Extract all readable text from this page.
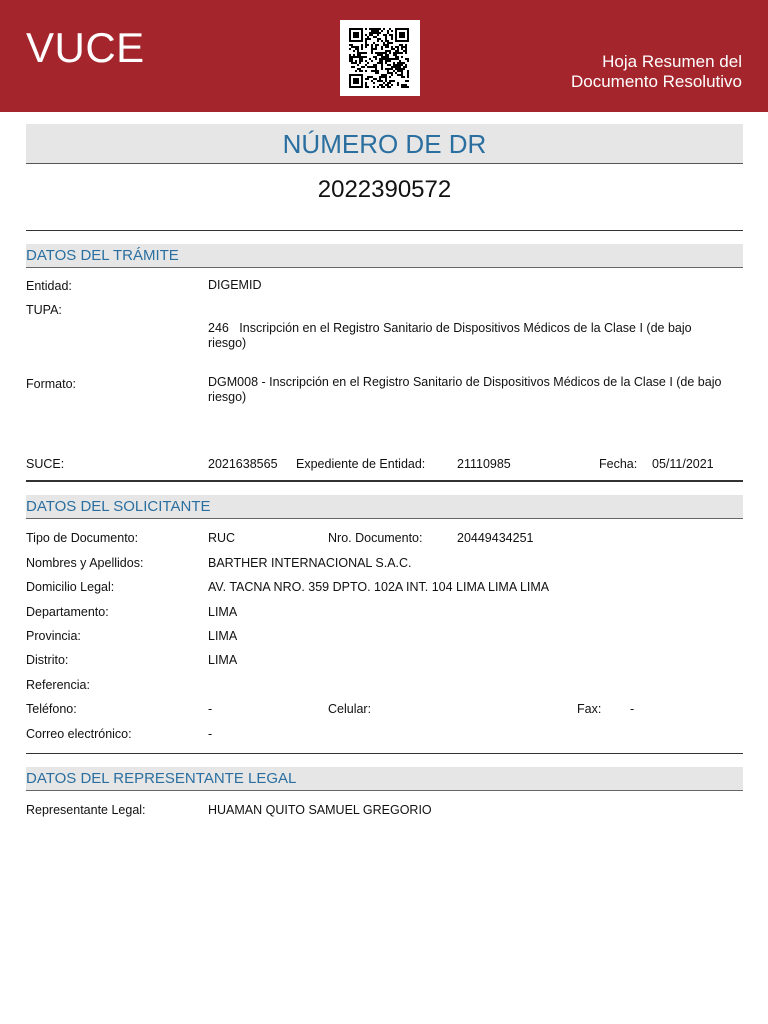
VUCE	Hoja Resumen del
Documento Resolutivo
NÚMERO DE DR
2022390572
DATOS DEL TRÁMITE
Entidad:	DIGEMID
TUPA:
246   Inscripción en el Registro Sanitario de Dispositivos Médicos de la Clase I (de bajo riesgo)
Formato:	DGM008 - Inscripción en el Registro Sanitario de Dispositivos Médicos de la Clase I (de bajo riesgo)
SUCE:	2021638565 Expediente de Entidad:	21110985	Fecha: 05/11/2021
DATOS DEL SOLICITANTE
Tipo de Documento:	RUC	Nro. Documento:	20449434251
Nombres y Apellidos:	BARTHER INTERNACIONAL S.A.C.
Domicilio Legal:	AV. TACNA NRO. 359 DPTO. 102A INT. 104 LIMA LIMA LIMA
Departamento:	LIMA
Provincia:	LIMA
Distrito:	LIMA
Referencia:
Teléfono:	-	Celular:	Fax: -
Correo electrónico:	-
DATOS DEL REPRESENTANTE LEGAL
Representante Legal:	HUAMAN QUITO SAMUEL GREGORIO
